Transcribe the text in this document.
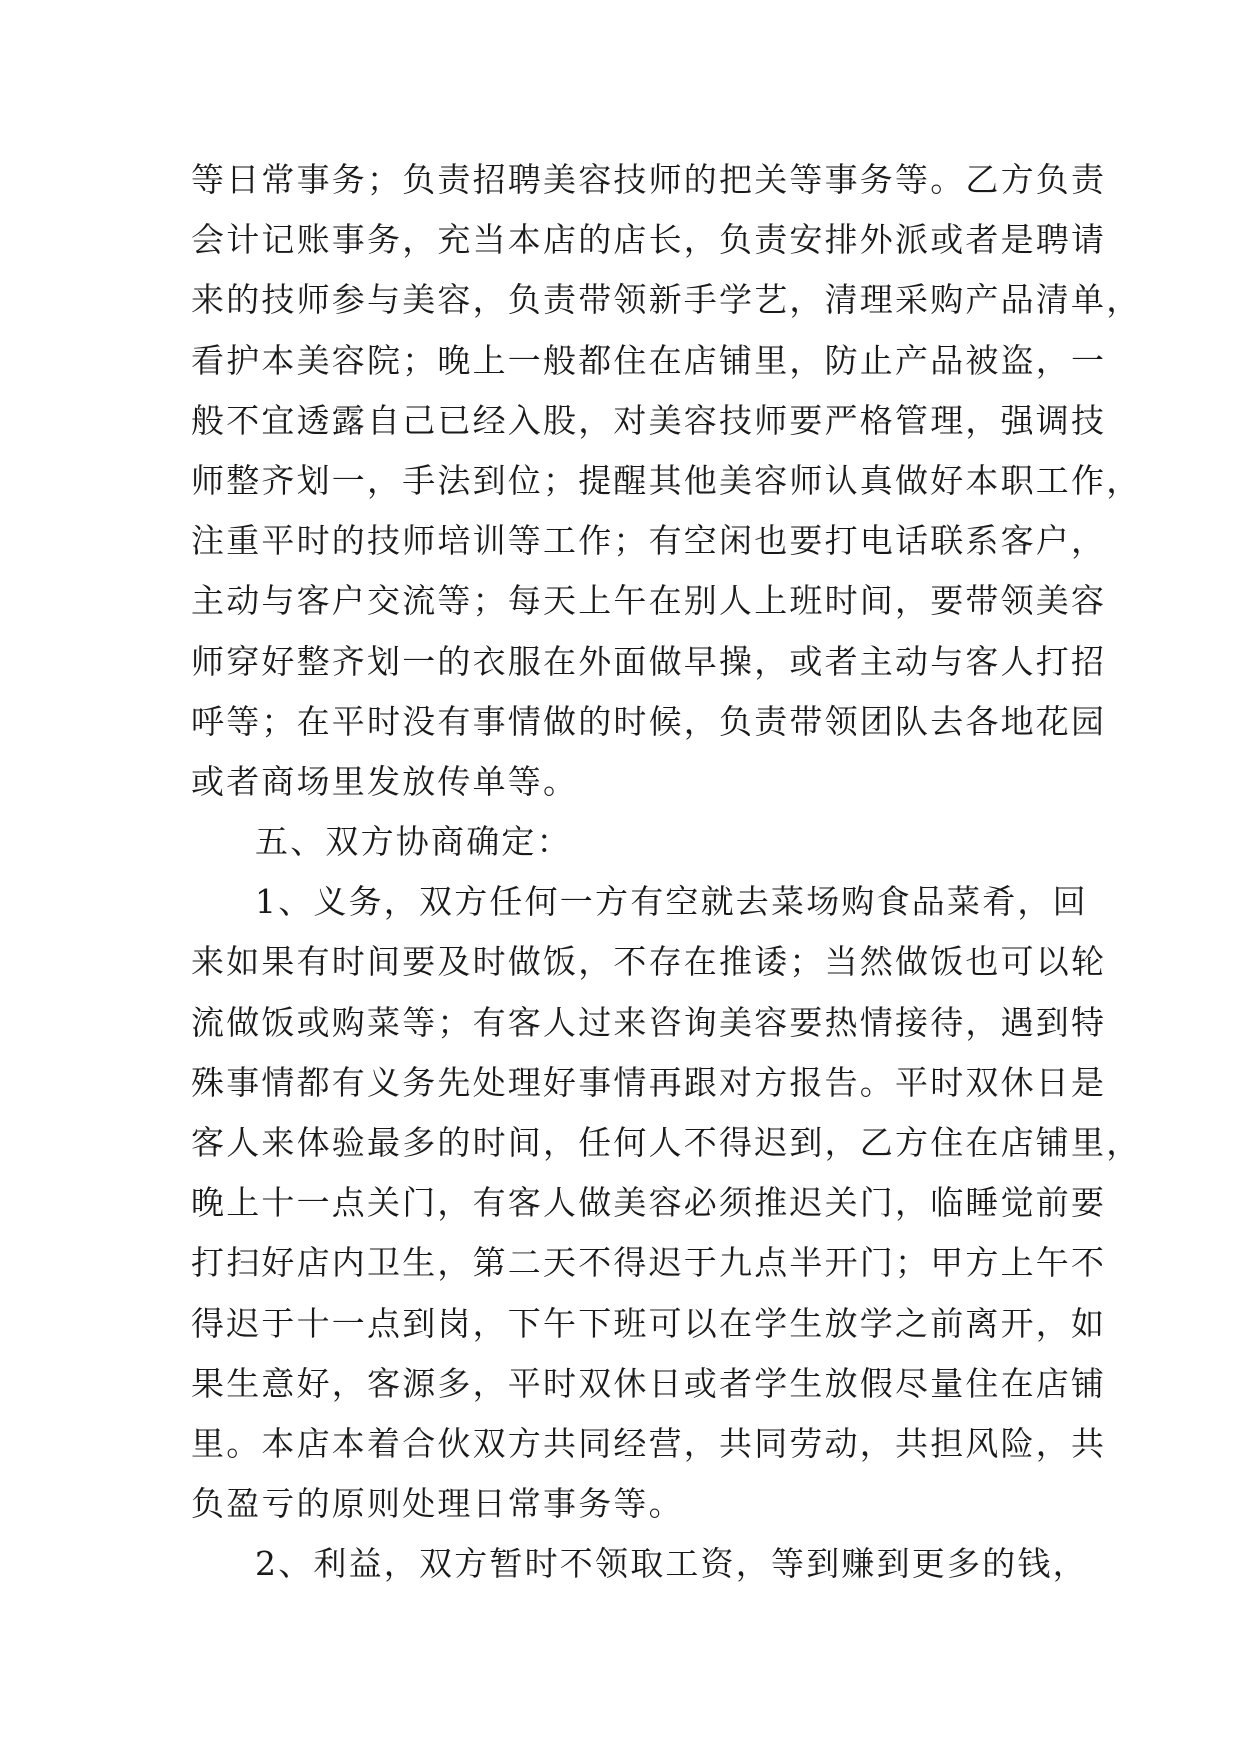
等日常事务；负责招聘美容技师的把关等事务等。乙方负责
会计记账事务，充当本店的店长，负责安排外派或者是聘请
来的技师参与美容，负责带领新手学艺，清理采购产品清单，
看护本美容院；晚上一般都住在店铺里，防止产品被盗，一
般不宜透露自己已经入股，对美容技师要严格管理，强调技
师整齐划一，手法到位；提醒其他美容师认真做好本职工作，
注重平时的技师培训等工作；有空闲也要打电话联系客户，
主动与客户交流等；每天上午在别人上班时间，要带领美容
师穿好整齐划一的衣服在外面做早操，或者主动与客人打招
呼等；在平时没有事情做的时候，负责带领团队去各地花园
或者商场里发放传单等。
五、双方协商确定：
1、义务，双方任何一方有空就去菜场购食品菜肴，回
来如果有时间要及时做饭，不存在推诿；当然做饭也可以轮
流做饭或购菜等；有客人过来咨询美容要热情接待，遇到特
殊事情都有义务先处理好事情再跟对方报告。平时双休日是
客人来体验最多的时间，任何人不得迟到，乙方住在店铺里，
晚上十一点关门，有客人做美容必须推迟关门，临睡觉前要
打扫好店内卫生，第二天不得迟于九点半开门；甲方上午不
得迟于十一点到岗，下午下班可以在学生放学之前离开，如
果生意好，客源多，平时双休日或者学生放假尽量住在店铺
里。本店本着合伙双方共同经营，共同劳动，共担风险，共
负盈亏的原则处理日常事务等。
2、利益，双方暂时不领取工资，等到赚到更多的钱，
